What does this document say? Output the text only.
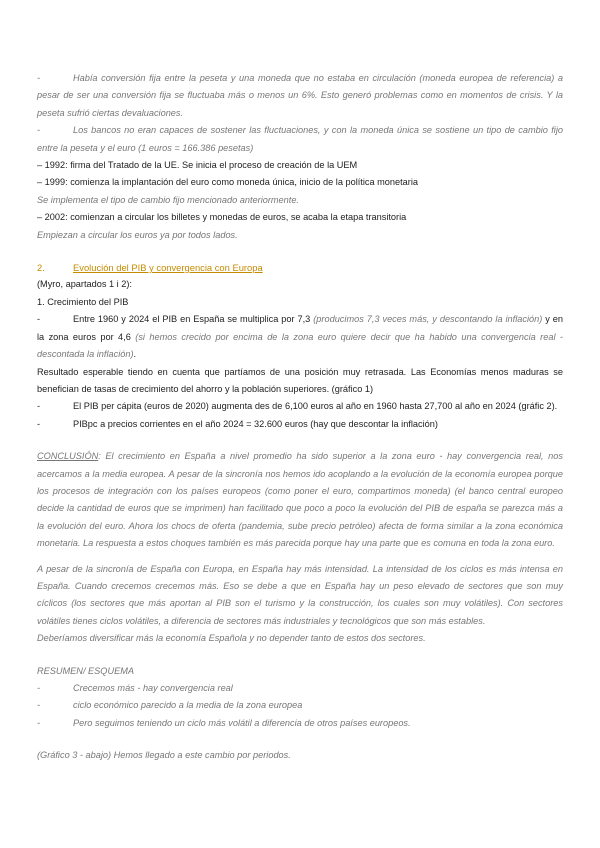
-	Había conversión fija entre la peseta y una moneda que no estaba en circulación (moneda europea de referencia) a pesar de ser una conversión fija se fluctuaba más o menos un 6%. Esto generó problemas como en momentos de crisis. Y la peseta sufrió ciertas devaluaciones.

-	Los bancos no eran capaces de sostener las fluctuaciones, y con la moneda única se sostiene un tipo de cambio fijo entre la peseta y el euro (1 euros = 166.386 pesetas)

– 1992: firma del Tratado de la UE. Se inicia el proceso de creación de la UEM

– 1999: comienza la implantación del euro como moneda única, inicio de la política monetaria

Se implementa el tipo de cambio fijo mencionado anteriormente.

– 2002: comienzan a circular los billetes y monedas de euros, se acaba la etapa transitoria

Empiezan a circular los euros ya por todos lados.

2.	Evolución del PIB y convergencia con Europa

(Myro, apartados 1 i 2):

1. Crecimiento del PIB

-	Entre 1960 y 2024 el PIB en España se multiplica por 7,3 (producimos 7,3 veces más, y descontando la inflación) y en la zona euros por 4,6 (si hemos crecido por encima de la zona euro quiere decir que ha habido una convergencia real - descontada la inflación).

Resultado esperable tiendo en cuenta que partíamos de una posición muy retrasada. Las Economías menos maduras se benefician de tasas de crecimiento del ahorro y la población superiores. (gráfico 1)

-	El PIB per cápita (euros de 2020) augmenta des de 6,100 euros al año en 1960 hasta 27,700 al año en 2024 (gráfic 2).

-	PIBpc a precios corrientes en el año 2024 = 32.600 euros (hay que descontar la inflación)

CONCLUSIÓN: El crecimiento en España a nivel promedio ha sido superior a la zona euro - hay convergencia real, nos acercamos a la media europea. A pesar de la sincronía nos hemos ido acoplando a la evolución de la economía europea porque los procesos de integración con los países europeos (como poner el euro, compartimos moneda) (el banco central europeo decide la cantidad de euros que se imprimen) han facilitado que poco a poco la evolución del PIB de españa se parezca más a la evolución del euro. Ahora los chocs de oferta (pandemia, sube precio petróleo) afecta de forma similar a la zona económica monetaria. La respuesta a estos choques también es más parecida porque hay una parte que es comuna en toda la zona euro.

A pesar de la sincronía de España con Europa, en España hay más intensidad. La intensidad de los ciclos es más intensa en España. Cuando crecemos crecemos más. Eso se debe a que en España hay un peso elevado de sectores que son muy cíclicos (los sectores que más aportan al PIB son el turismo y la construcción, los cuales son muy volátiles). Con sectores volátiles tienes ciclos volátiles, a diferencia de sectores más industriales y tecnológicos que son más estables.

Deberíamos diversificar más la economía Española y no depender tanto de estos dos sectores.

RESUMEN/ ESQUEMA

-	Crecemos más - hay convergencia real

-	ciclo económico parecido a la media de la zona europea

-	Pero seguimos teniendo un ciclo más volátil a diferencia de otros países europeos.

(Gráfico 3 - abajo) Hemos llegado a este cambio por periodos.
